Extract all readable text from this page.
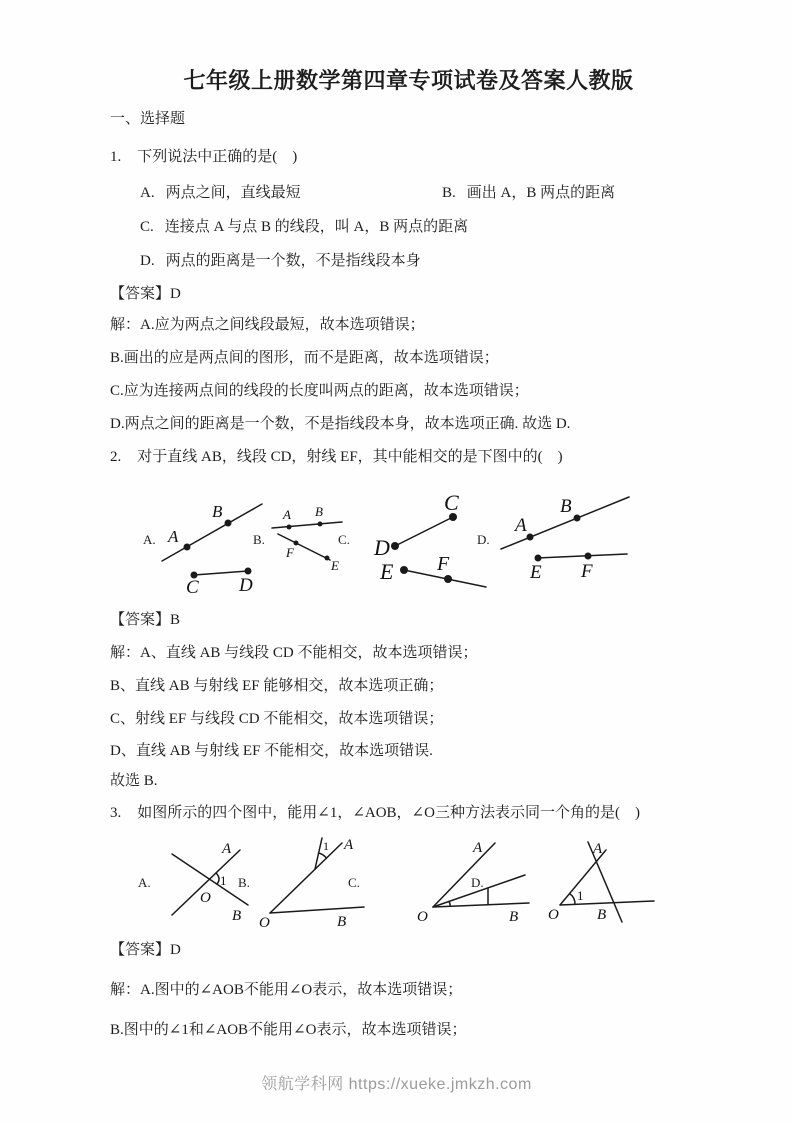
七年级上册数学第四章专项试卷及答案人教版
一、选择题
1. 下列说法中正确的是(　)
A. 两点之间，直线最短	B. 画出 A，B 两点的距离
C. 连接点 A 与点 B 的线段，叫 A，B 两点的距离
D. 两点的距离是一个数，不是指线段本身
【答案】D
解：A.应为两点之间线段最短，故本选项错误；
B.画出的应是两点间的图形，而不是距离，故本选项错误；
C.应为连接两点间的线段的长度叫两点的距离，故本选项错误；
D.两点之间的距离是一个数，不是指线段本身，故本选项正确. 故选 D.
2. 对于直线 AB，线段 CD，射线 EF，其中能相交的是下图中的(　)
A. A
B
C D
B.
A B
F
E
C. D
C
E F
D.
A
B
E F
【答案】B
解：A、直线 AB 与线段 CD 不能相交，故本选项错误；
B、直线 AB 与射线 EF 能够相交，故本选项正确；
C、射线 EF 与线段 CD 不能相交，故本选项错误；
D、直线 AB 与射线 EF 不能相交，故本选项错误.
故选 B.
3. 如图所示的四个图中，能用∠1，∠AOB，∠O三种方法表示同一个角的是(　)
A.
A
B
O
1 B.
A
B
O
1
C.
A
B
O
D.
A
B
O
1
【答案】D
解：A.图中的∠AOB不能用∠O表示，故本选项错误；
B.图中的∠1和∠AOB不能用∠O表示，故本选项错误；
领航学科网 https://xueke.jmkzh.com
